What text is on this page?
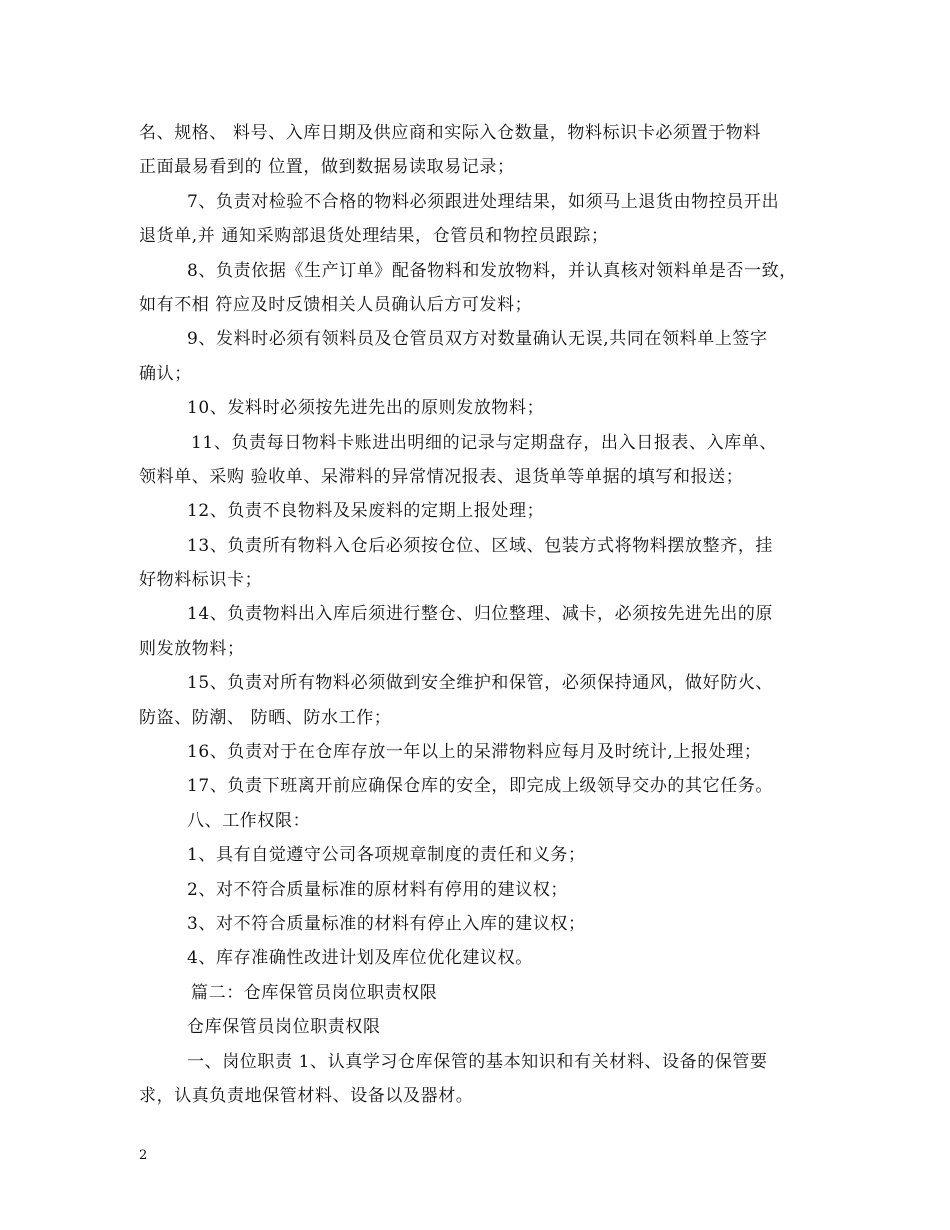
名、规格、 料号、入库日期及供应商和实际入仓数量，物料标识卡必须置于物料
正面最易看到的 位置，做到数据易读取易记录；
7、负责对检验不合格的物料必须跟进处理结果，如须马上退货由物控员开出
退货单,并 通知采购部退货处理结果，仓管员和物控员跟踪；
8、负责依据《生产订单》配备物料和发放物料，并认真核对领料单是否一致，
如有不相 符应及时反馈相关人员确认后方可发料；
9、发料时必须有领料员及仓管员双方对数量确认无误,共同在领料单上签字
确认；
10、发料时必须按先进先出的原则发放物料；
11、负责每日物料卡账进出明细的记录与定期盘存，出入日报表、入库单、
领料单、采购 验收单、呆滞料的异常情况报表、退货单等单据的填写和报送；
12、负责不良物料及呆废料的定期上报处理；
13、负责所有物料入仓后必须按仓位、区域、包装方式将物料摆放整齐，挂
好物料标识卡；
14、负责物料出入库后须进行整仓、归位整理、减卡，必须按先进先出的原
则发放物料；
15、负责对所有物料必须做到安全维护和保管，必须保持通风，做好防火、
防盗、防潮、 防晒、防水工作；
16、负责对于在仓库存放一年以上的呆滞物料应每月及时统计,上报处理；
17、负责下班离开前应确保仓库的安全，即完成上级领导交办的其它任务。
八、工作权限：
1、具有自觉遵守公司各项规章制度的责任和义务；
2、对不符合质量标准的原材料有停用的建议权；
3、对不符合质量标准的材料有停止入库的建议权；
4、库存准确性改进计划及库位优化建议权。
篇二：仓库保管员岗位职责权限
仓库保管员岗位职责权限
一、岗位职责 1、认真学习仓库保管的基本知识和有关材料、设备的保管要
求，认真负责地保管材料、设备以及器材。
2
